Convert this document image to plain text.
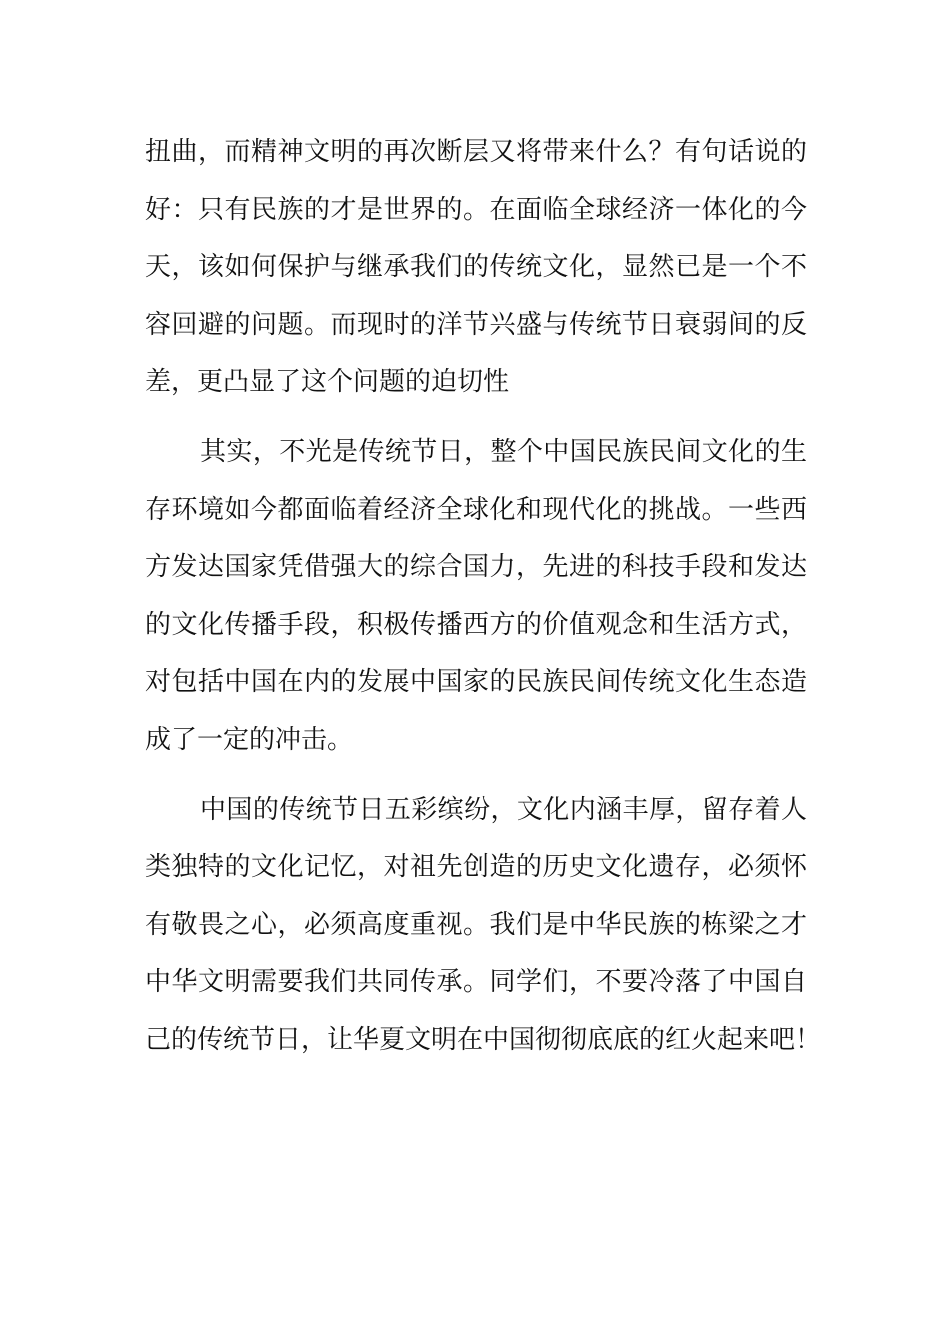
扭曲，而精神文明的再次断层又将带来什么？有句话说的
好：只有民族的才是世界的。在面临全球经济一体化的今
天，该如何保护与继承我们的传统文化，显然已是一个不
容回避的问题。而现时的洋节兴盛与传统节日衰弱间的反
差，更凸显了这个问题的迫切性
其实，不光是传统节日，整个中国民族民间文化的生
存环境如今都面临着经济全球化和现代化的挑战。一些西
方发达国家凭借强大的综合国力，先进的科技手段和发达
的文化传播手段，积极传播西方的价值观念和生活方式，
对包括中国在内的发展中国家的民族民间传统文化生态造
成了一定的冲击。
中国的传统节日五彩缤纷，文化内涵丰厚，留存着人
类独特的文化记忆，对祖先创造的历史文化遗存，必须怀
有敬畏之心，必须高度重视。我们是中华民族的栋梁之才
中华文明需要我们共同传承。同学们，不要冷落了中国自
己的传统节日，让华夏文明在中国彻彻底底的红火起来吧！
